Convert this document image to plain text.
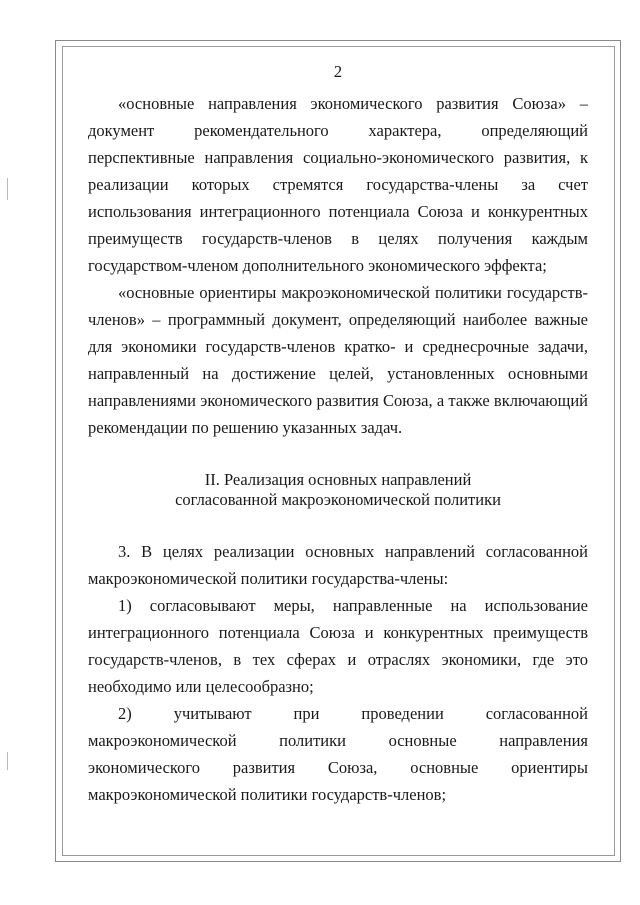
2

«основные направления экономического развития Союза» – документ рекомендательного характера, определяющий перспективные направления социально-экономического развития, к реализации которых стремятся государства-члены за счет использования интеграционного потенциала Союза и конкурентных преимуществ государств-членов в целях получения каждым государством-членом дополнительного экономического эффекта;

«основные ориентиры макроэкономической политики государств-членов» – программный документ, определяющий наиболее важные для экономики государств-членов кратко- и среднесрочные задачи, направленный на достижение целей, установленных основными направлениями экономического развития Союза, а также включающий рекомендации по решению указанных задач.

II. Реализация основных направлений
согласованной макроэкономической политики

3. В целях реализации основных направлений согласованной макроэкономической политики государства-члены:

1) согласовывают меры, направленные на использование интеграционного потенциала Союза и конкурентных преимуществ государств-членов, в тех сферах и отраслях экономики, где это необходимо или целесообразно;

2) учитывают при проведении согласованной макроэкономической политики основные направления экономического развития Союза, основные ориентиры макроэкономической политики государств-членов;
